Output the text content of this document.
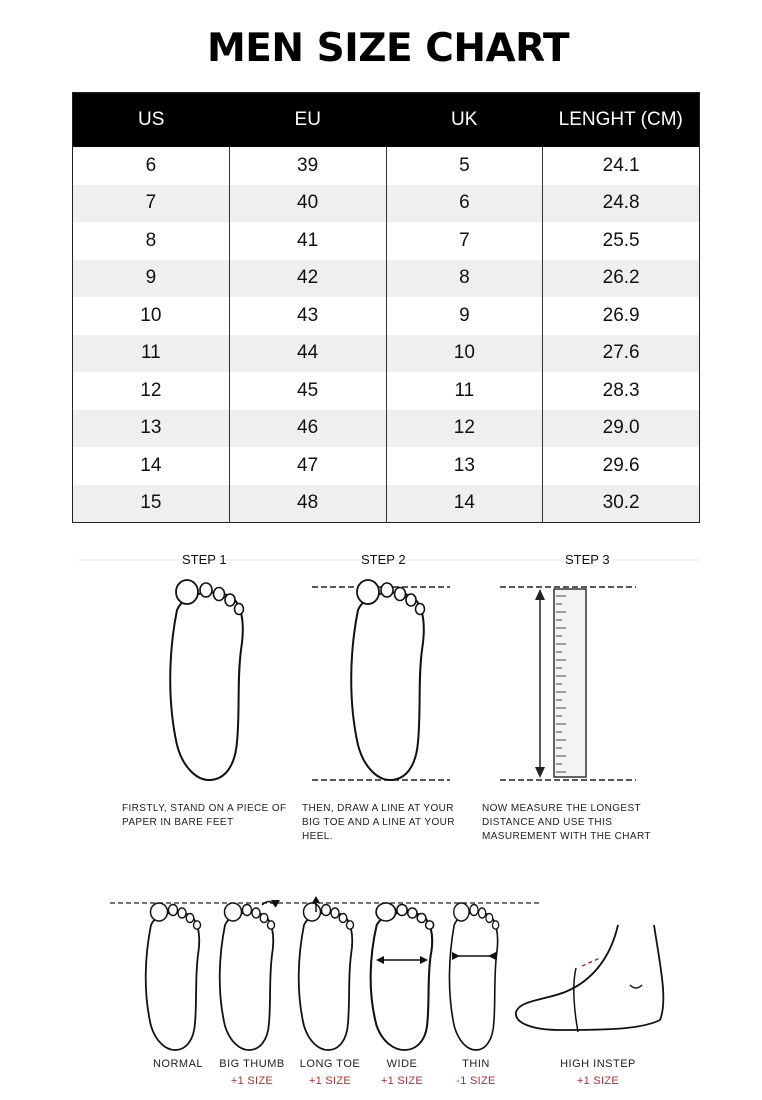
MEN SIZE CHART
US	EU	UK	LENGHT (CM)
6	39	5	24.1
7	40	6	24.8
8	41	7	25.5
9	42	8	26.2
10	43	9	26.9
11	44	10	27.6
12	45	11	28.3
13	46	12	29.0
14	47	13	29.6
15	48	14	30.2
STEP 1	STEP 2	STEP 3
FIRSTLY, STAND ON A PIECE OF PAPER IN BARE FEET
THEN, DRAW A LINE AT YOUR BIG TOE AND A LINE AT YOUR HEEL.
NOW MEASURE THE LONGEST DISTANCE AND USE THIS MASUREMENT WITH THE CHART
NORMAL	BIG THUMB
+1 SIZE
LONG TOE
+1 SIZE
WIDE
+1 SIZE
THIN
-1 SIZE
HIGH INSTEP
+1 SIZE
